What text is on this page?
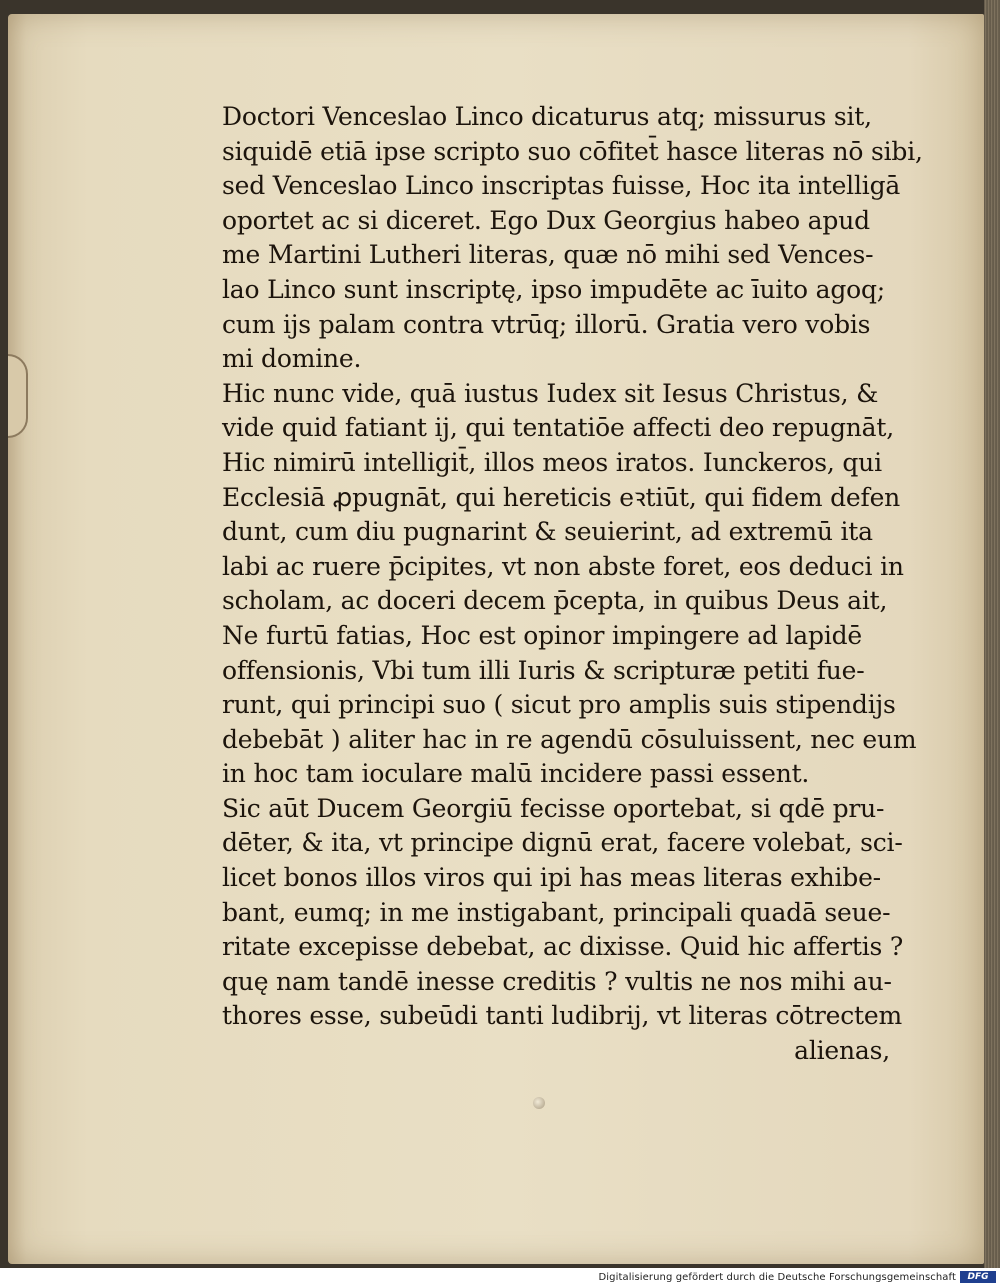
Doctori Venceslao Linco dicaturus atq; missurus sit,
siquidē etiā ipse scripto suo cōfitet̄ hasce literas nō sibi,
sed Venceslao Linco inscriptas fuisse, Hoc ita intelligā
oportet ac si diceret. Ego Dux Georgius habeo apud
me Martini Lutheri literas, quæ nō mihi sed Vences-
lao Linco sunt inscriptę, ipso impudēte ac īuito agoq;
cum ijs palam contra vtrūq; illorū. Gratia vero vobis
mi domine.
Hic nunc vide, quā iustus Iudex sit Iesus Christus, &
vide quid fatiant ij, qui tentatiōe affecti deo repugnāt,
Hic nimirū intelligit̄, illos meos iratos. Iunckeros, qui
Ecclesiā ꝓpugnāt, qui hereticis eꝛtiūt, qui fidem defen
dunt, cum diu pugnarint & seuierint, ad extremū ita
labi ac ruere p̄cipites, vt non abste foret, eos deduci in
scholam, ac doceri decem p̄cepta, in quibus Deus ait,
Ne furtū fatias, Hoc est opinor impingere ad lapidē
offensionis, Vbi tum illi Iuris & scripturæ petiti fue-
runt, qui principi suo ( sicut pro amplis suis stipendijs
debebāt ) aliter hac in re agendū cōsuluissent, nec eum
in hoc tam ioculare malū incidere passi essent.
Sic aūt Ducem Georgiū fecisse oportebat, si qdē pru-
dēter, & ita, vt principe dignū erat, facere volebat, sci-
licet bonos illos viros qui ipi has meas literas exhibe-
bant, eumq; in me instigabant, principali quadā seue-
ritate excepisse debebat, ac dixisse. Quid hic affertis ?
quę nam tandē inesse creditis ? vultis ne nos mihi au-
thores esse, subeūdi tanti ludibrij, vt literas cōtrectem
alienas,
Digitalisierung gefördert durch die Deutsche Forschungsgemeinschaft	DFG
